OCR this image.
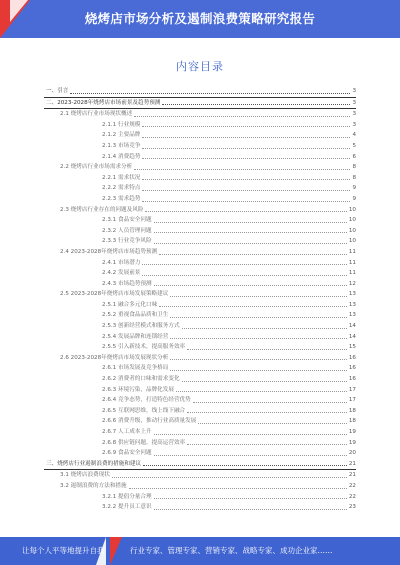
烧烤店市场分析及遏制浪费策略研究报告
内容目录
一、引言	3
二、2023-2028年烧烤店市场前景及趋势预测	3
2.1 烧烤店行业市场现状概述	3
2.1.1 行业规模	3
2.1.2 主要品牌	4
2.1.3 市场竞争	5
2.1.4 消费趋势	6
2.2 烧烤店行业市场需求分析	8
2.2.1 需求状况	8
2.2.2 需求特点	9
2.2.3 需求趋势	9
2.3 烧烤店行业存在的问题及风险	10
2.3.1 食品安全问题	10
2.3.2 人员管理问题	10
2.3.3 行业竞争风险	10
2.4 2023-2028年烧烤店市场趋势预测	11
2.4.1 市场潜力	11
2.4.2 发展前景	11
2.4.3 市场趋势预测	12
2.5 2023-2028年烧烤店市场发展策略建议	13
2.5.1 融合多元化口味	13
2.5.2 重视食品品质和卫生	13
2.5.3 创新经营模式和服务方式	14
2.5.4 发展品牌和连锁经营	14
2.5.5 引入新技术，提高服务效率	15
2.6 2023-2028年烧烤店市场发展现状分析	16
2.6.1 市场发展及竞争格局	16
2.6.2 消费者的口味和需求变化	16
2.6.3 环境污染，品牌化发展	17
2.6.4 竞争态势，打造特色经营优势	17
2.6.5 互联网思维，线上线下融合	18
2.6.6 消费升级，推动行业高质量发展	18
2.6.7 人工成本上升	19
2.6.8 供应链问题，提高运营效率	19
2.6.9 食品安全问题	20
三、烧烤店行业遏制浪费的措施和建议	21
3.1 烧烤店浪费现状	21
3.2 遏制浪费的方法和措施	22
3.2.1 提倡分量合理	22
3.2.2 提升员工意识	23
让每个人平等地提升自我	行业专家、管理专家、营销专家、战略专家、成功企业家……
